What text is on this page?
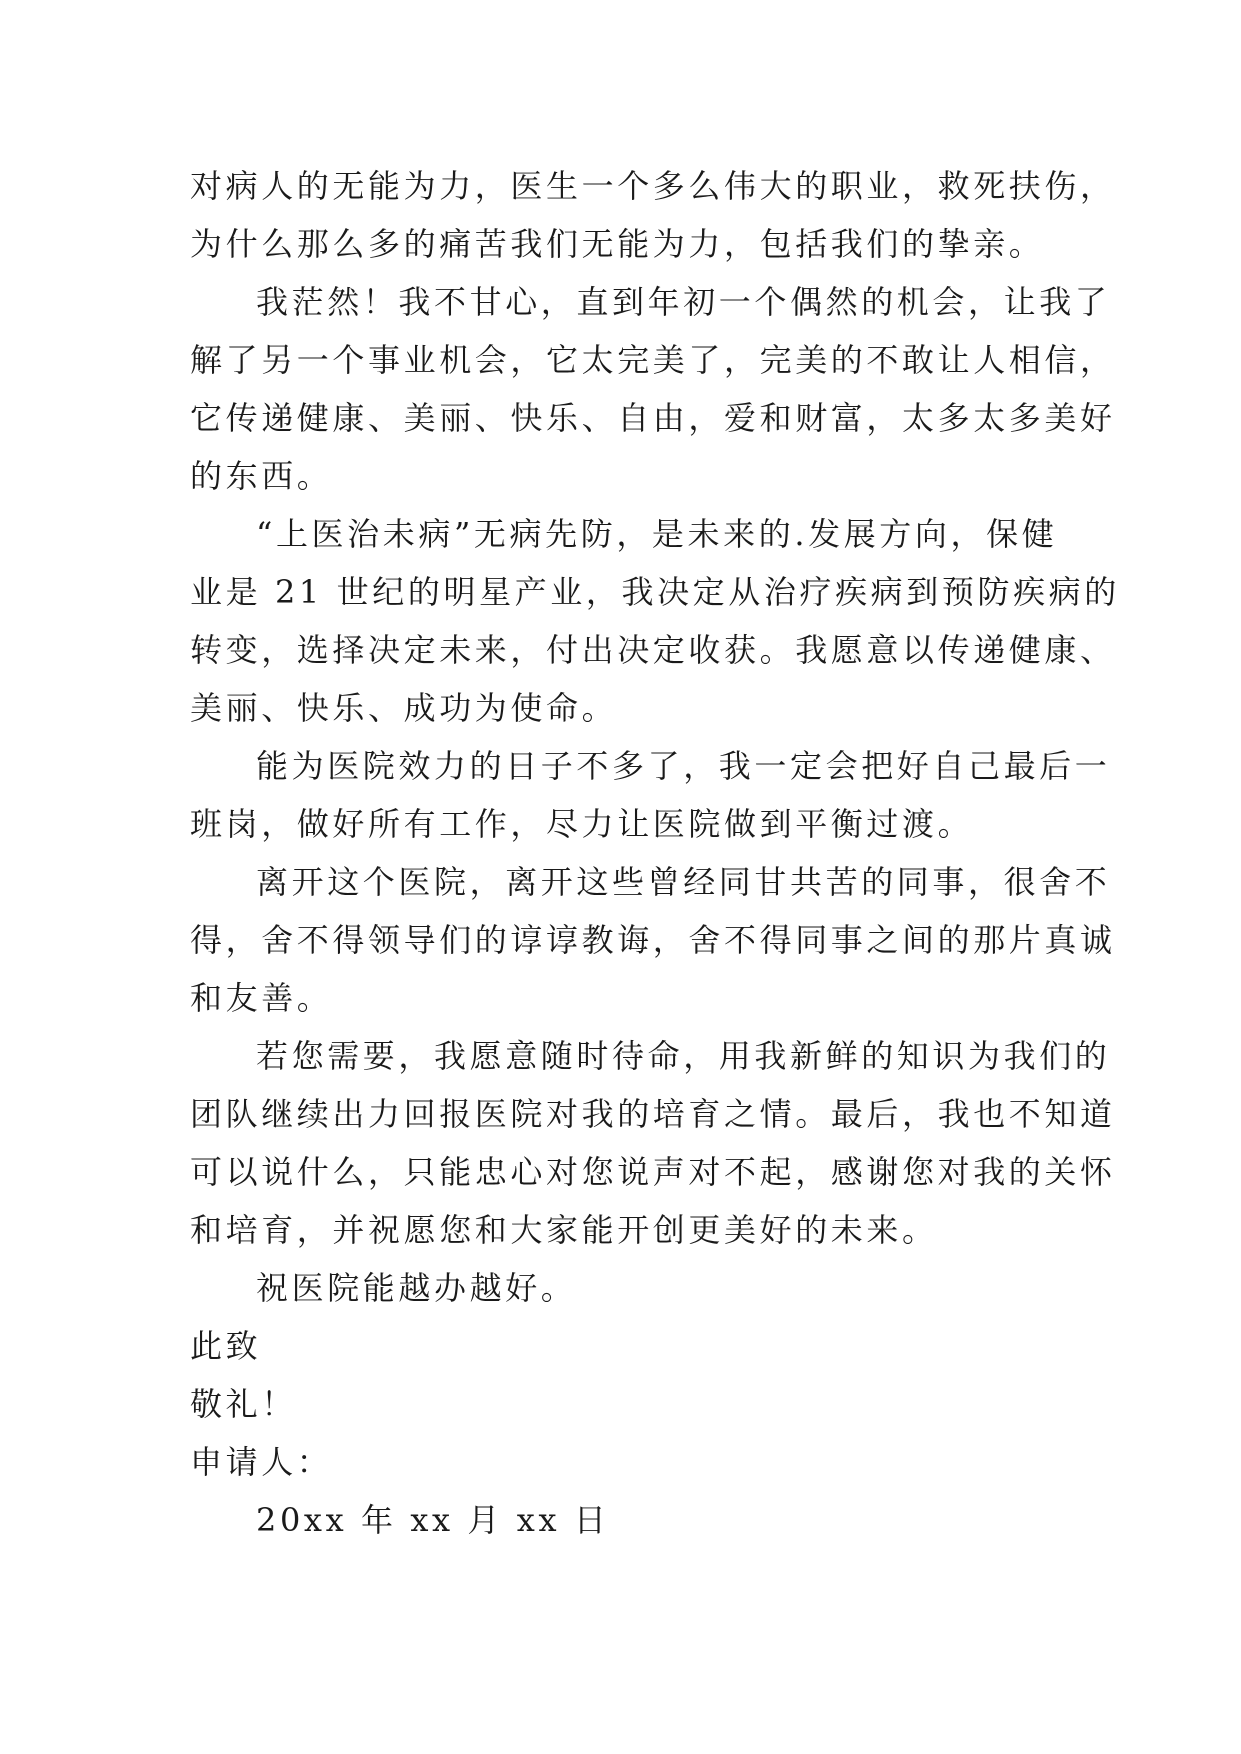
对病人的无能为力，医生一个多么伟大的职业，救死扶伤，

为什么那么多的痛苦我们无能为力，包括我们的挚亲。

我茫然！我不甘心，直到年初一个偶然的机会，让我了

解了另一个事业机会，它太完美了，完美的不敢让人相信，

它传递健康、美丽、快乐、自由，爱和财富，太多太多美好

的东西。

“上医治未病”无病先防，是未来的.发展方向，保健

业是 21 世纪的明星产业，我决定从治疗疾病到预防疾病的

转变，选择决定未来，付出决定收获。我愿意以传递健康、

美丽、快乐、成功为使命。

能为医院效力的日子不多了，我一定会把好自己最后一

班岗，做好所有工作，尽力让医院做到平衡过渡。

离开这个医院，离开这些曾经同甘共苦的同事，很舍不

得，舍不得领导们的谆谆教诲，舍不得同事之间的那片真诚

和友善。

若您需要，我愿意随时待命，用我新鲜的知识为我们的

团队继续出力回报医院对我的培育之情。最后，我也不知道

可以说什么，只能忠心对您说声对不起，感谢您对我的关怀

和培育，并祝愿您和大家能开创更美好的未来。

祝医院能越办越好。

此致

敬礼！

申请人：

20xx 年 xx 月 xx 日
